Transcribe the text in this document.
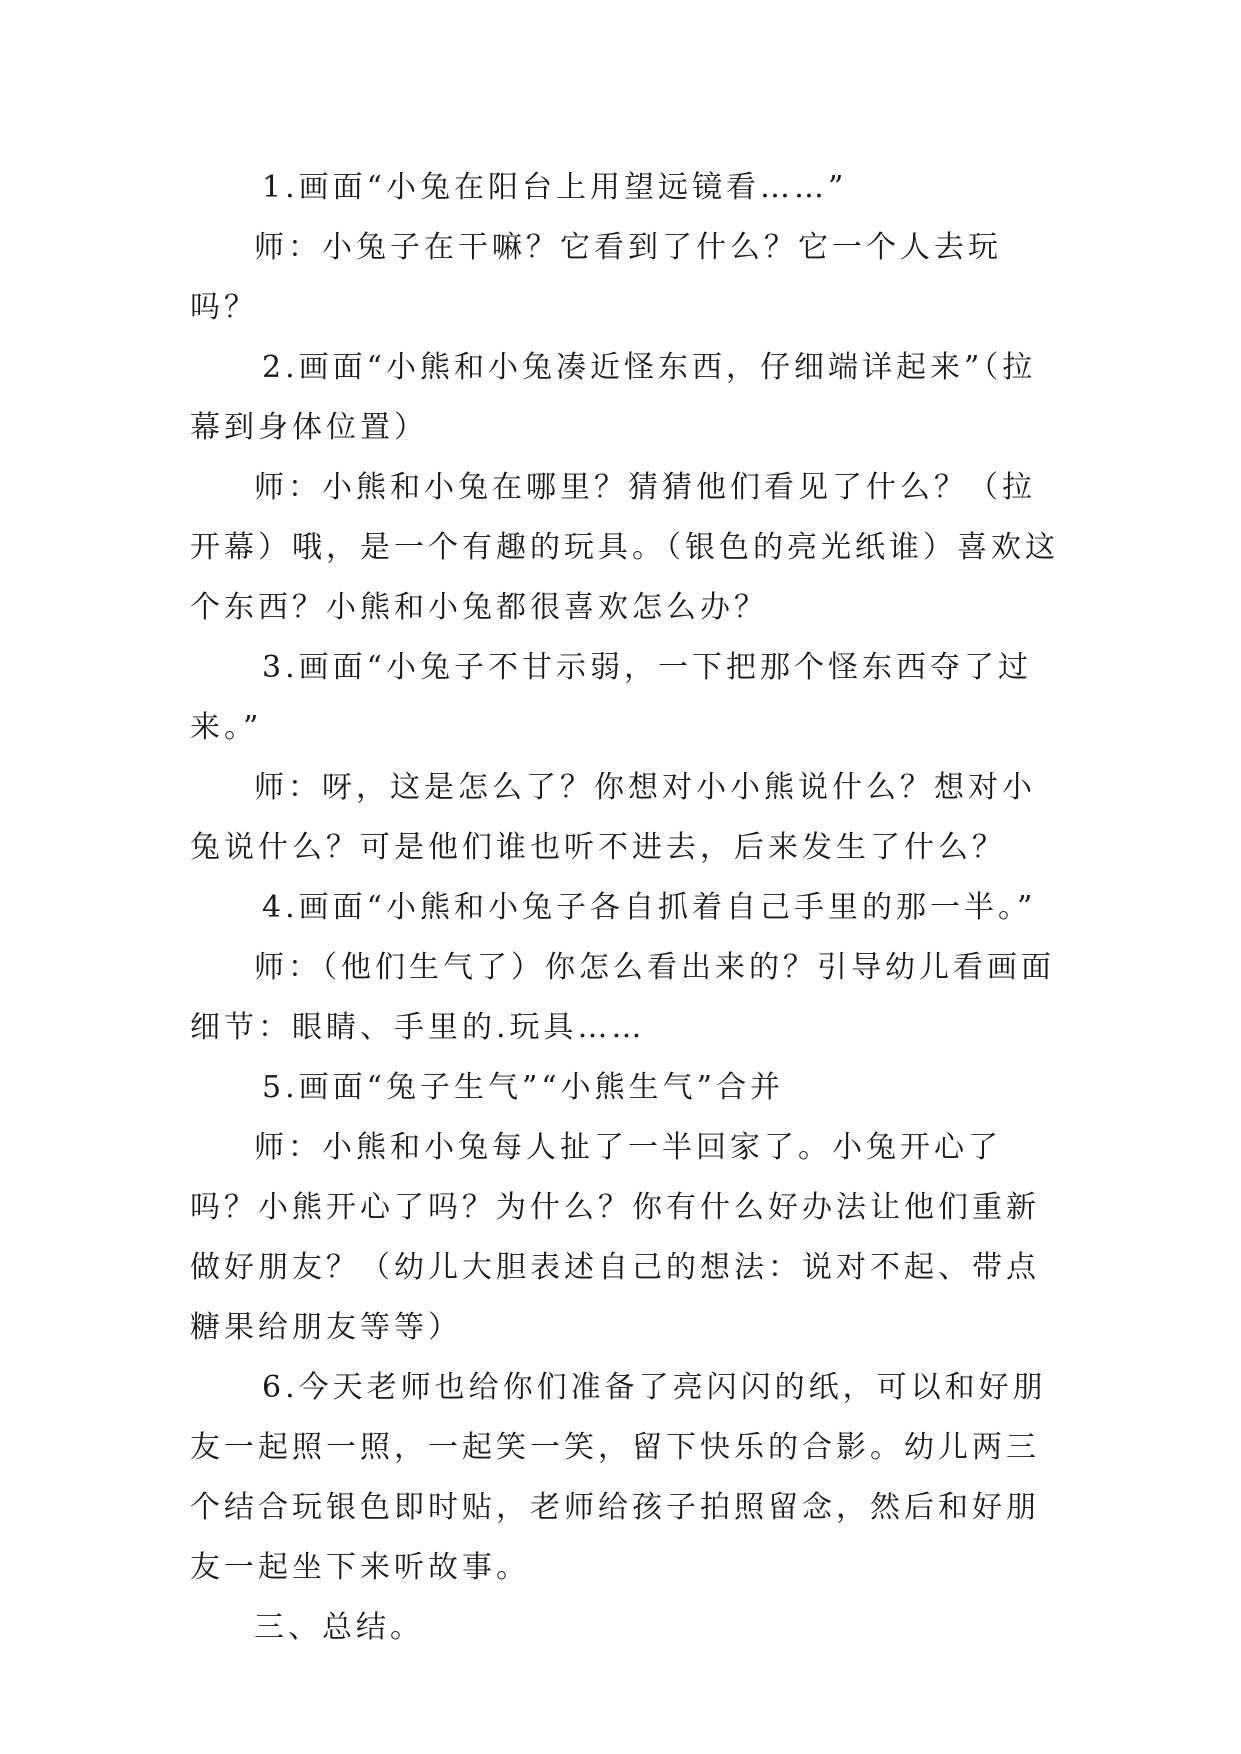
1.画面“小兔在阳台上用望远镜看……”

师：小兔子在干嘛？它看到了什么？它一个人去玩吗？

2.画面“小熊和小兔凑近怪东西，仔细端详起来”（拉幕到身体位置）

师：小熊和小兔在哪里？猜猜他们看见了什么？（拉开幕）哦，是一个有趣的玩具。（银色的亮光纸谁）喜欢这个东西？小熊和小兔都很喜欢怎么办？

3.画面“小兔子不甘示弱，一下把那个怪东西夺了过来。”

师：呀，这是怎么了？你想对小小熊说什么？想对小兔说什么？可是他们谁也听不进去，后来发生了什么？

4.画面“小熊和小兔子各自抓着自己手里的那一半。”

师：（他们生气了）你怎么看出来的？引导幼儿看画面细节：眼睛、手里的.玩具……

5.画面“兔子生气”“小熊生气”合并

师：小熊和小兔每人扯了一半回家了。小兔开心了吗？小熊开心了吗？为什么？你有什么好办法让他们重新做好朋友？（幼儿大胆表述自己的想法：说对不起、带点糖果给朋友等等）

6.今天老师也给你们准备了亮闪闪的纸，可以和好朋友一起照一照，一起笑一笑，留下快乐的合影。幼儿两三个结合玩银色即时贴，老师给孩子拍照留念，然后和好朋友一起坐下来听故事。

三、总结。
